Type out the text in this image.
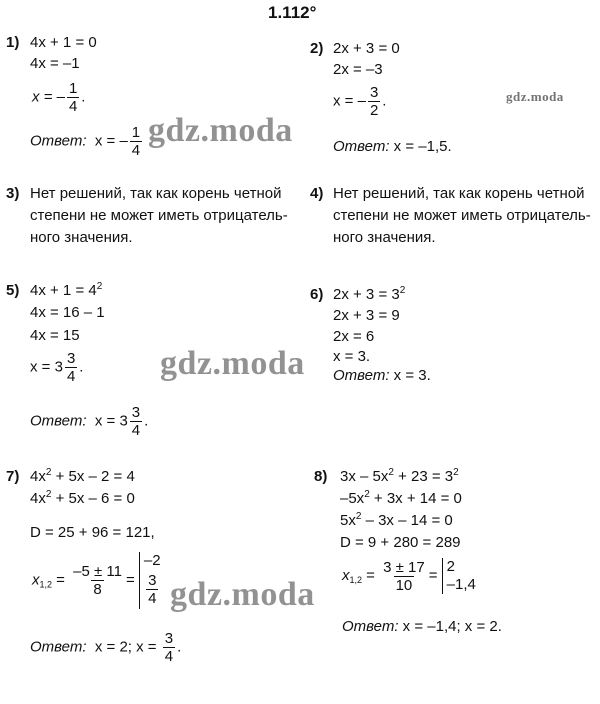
1.112°
gdz.moda
gdz.moda
gdz.moda
gdz.moda
1) 4x + 1 = 0
4x = –1
x = – $\frac{1}{4}$ .
Ответ: x = – $\frac{1}{4}$
2) 2x + 3 = 0
2x = –3
x = – $\frac{3}{2}$ .
Ответ: x = –1,5.
3) Нет решений, так как корень четной
степени не может иметь отрицатель-
ного значения.
4) Нет решений, так как корень четной
степени не может иметь отрицатель-
ного значения.
5) $4x + 1 = 4^2$
4x = 16 – 1
4x = 15
$x = 3 \frac{3}{4}$ .
Ответ: $x = 3 \frac{3}{4}$ .
6) $2x + 3 = 3^2$
2x + 3 = 9
2x = 6
x = 3.
Ответ: x = 3.
7) $4x^2 + 5x - 2 = 4$
$4x^2 + 5x - 6 = 0$
D = 25 + 96 = 121,
$x_{1,2} = \frac{-5 \pm 11}{8}$ =
–2
$\frac{3}{4}$
Ответ: x = 2; $x = \frac{3}{4}$ .
8) $3x - 5x^2 + 23 = 3^2$
$-5x^2 + 3x + 14 = 0$
$5x^2 - 3x - 14 = 0$
D = 9 + 280 = 289
$x_{1,2} = \frac{3 \pm 17}{10}$ =
2
–1,4
Ответ: x = –1,4; x = 2.
